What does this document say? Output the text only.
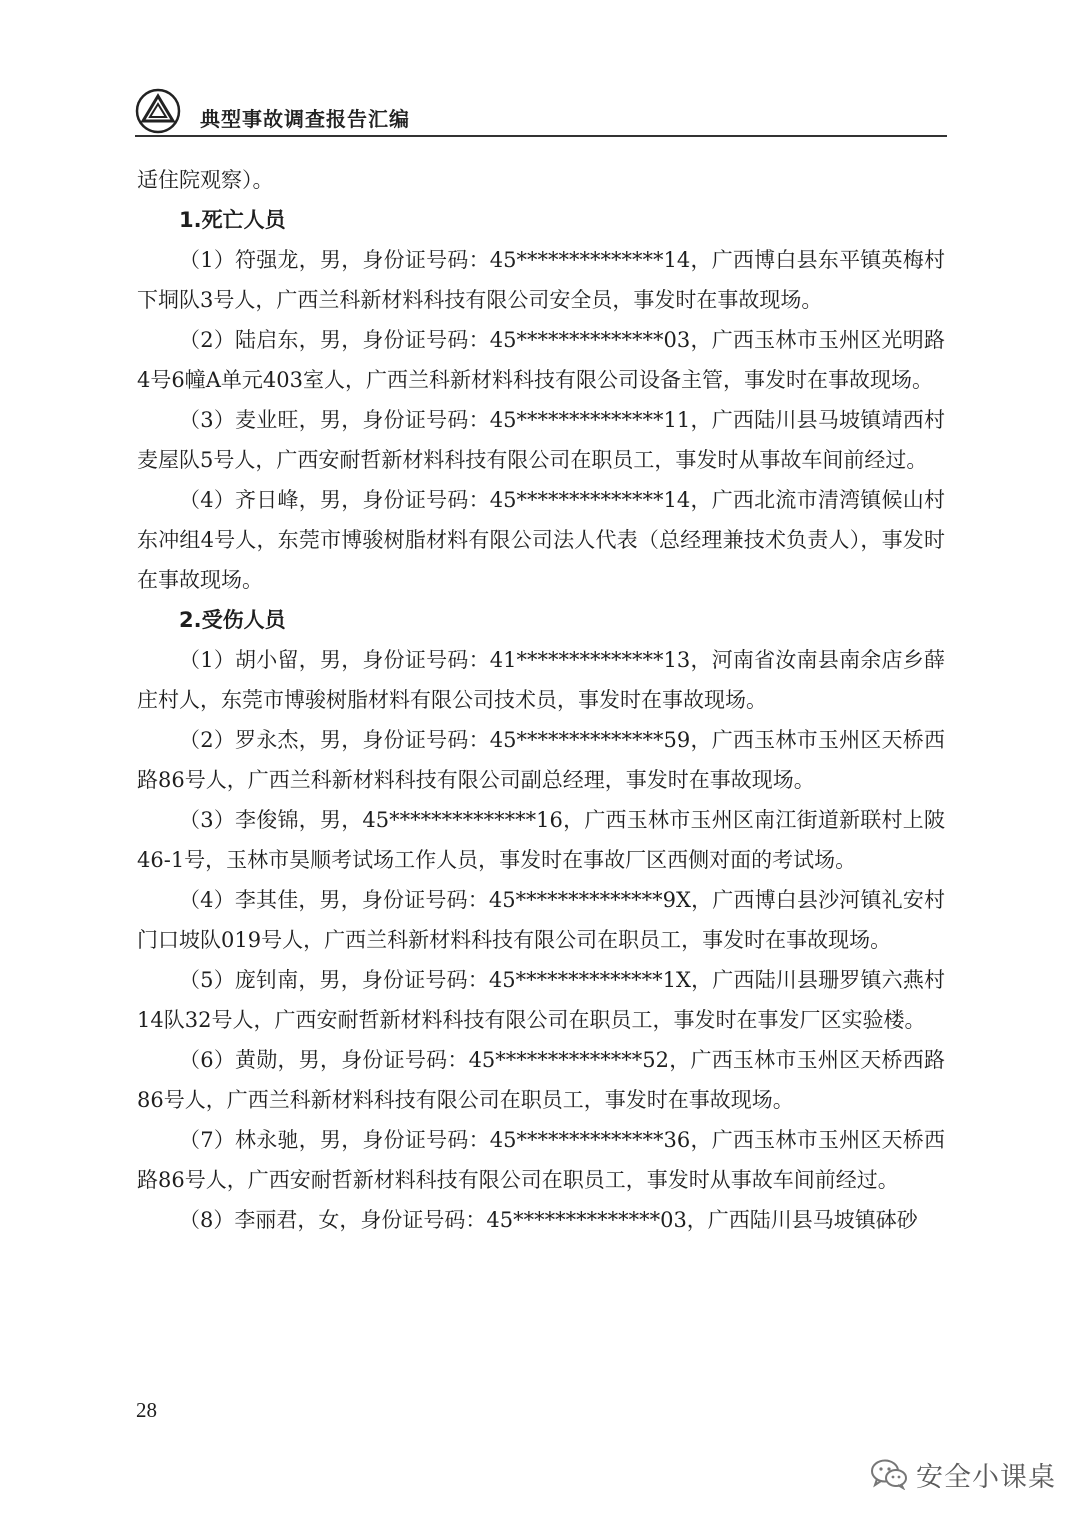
典型事故调查报告汇编

适住院观察）。

1.死亡人员

（1）符强龙，男，身份证号码：45**************14，广西博白县东平镇英梅村下垌队3号人，广西兰科新材料科技有限公司安全员，事发时在事故现场。

（2）陆启东，男，身份证号码：45**************03，广西玉林市玉州区光明路4号6幢A单元403室人，广西兰科新材料科技有限公司设备主管，事发时在事故现场。

（3）麦业旺，男，身份证号码：45**************11，广西陆川县马坡镇靖西村麦屋队5号人，广西安耐哲新材料科技有限公司在职员工，事发时从事故车间前经过。

（4）齐日峰，男，身份证号码：45**************14，广西北流市清湾镇候山村东冲组4号人，东莞市博骏树脂材料有限公司法人代表（总经理兼技术负责人），事发时在事故现场。

2.受伤人员

（1）胡小留，男，身份证号码：41**************13，河南省汝南县南余店乡薛庄村人，东莞市博骏树脂材料有限公司技术员，事发时在事故现场。

（2）罗永杰，男，身份证号码：45**************59，广西玉林市玉州区天桥西路86号人，广西兰科新材料科技有限公司副总经理，事发时在事故现场。

（3）李俊锦，男，45**************16，广西玉林市玉州区南江街道新联村上陂46-1号，玉林市昊顺考试场工作人员，事发时在事故厂区西侧对面的考试场。

（4）李其佳，男，身份证号码：45**************9X，广西博白县沙河镇礼安村门口坡队019号人，广西兰科新材料科技有限公司在职员工，事发时在事故现场。

（5）庞钊南，男，身份证号码：45**************1X，广西陆川县珊罗镇六燕村14队32号人，广西安耐哲新材料科技有限公司在职员工，事发时在事发厂区实验楼。

（6）黄勋，男，身份证号码：45**************52，广西玉林市玉州区天桥西路86号人，广西兰科新材料科技有限公司在职员工，事发时在事故现场。

（7）林永驰，男，身份证号码：45**************36，广西玉林市玉州区天桥西路86号人，广西安耐哲新材料科技有限公司在职员工，事发时从事故车间前经过。

（8）李丽君，女，身份证号码：45**************03，广西陆川县马坡镇砵砂

28
安全小课桌
